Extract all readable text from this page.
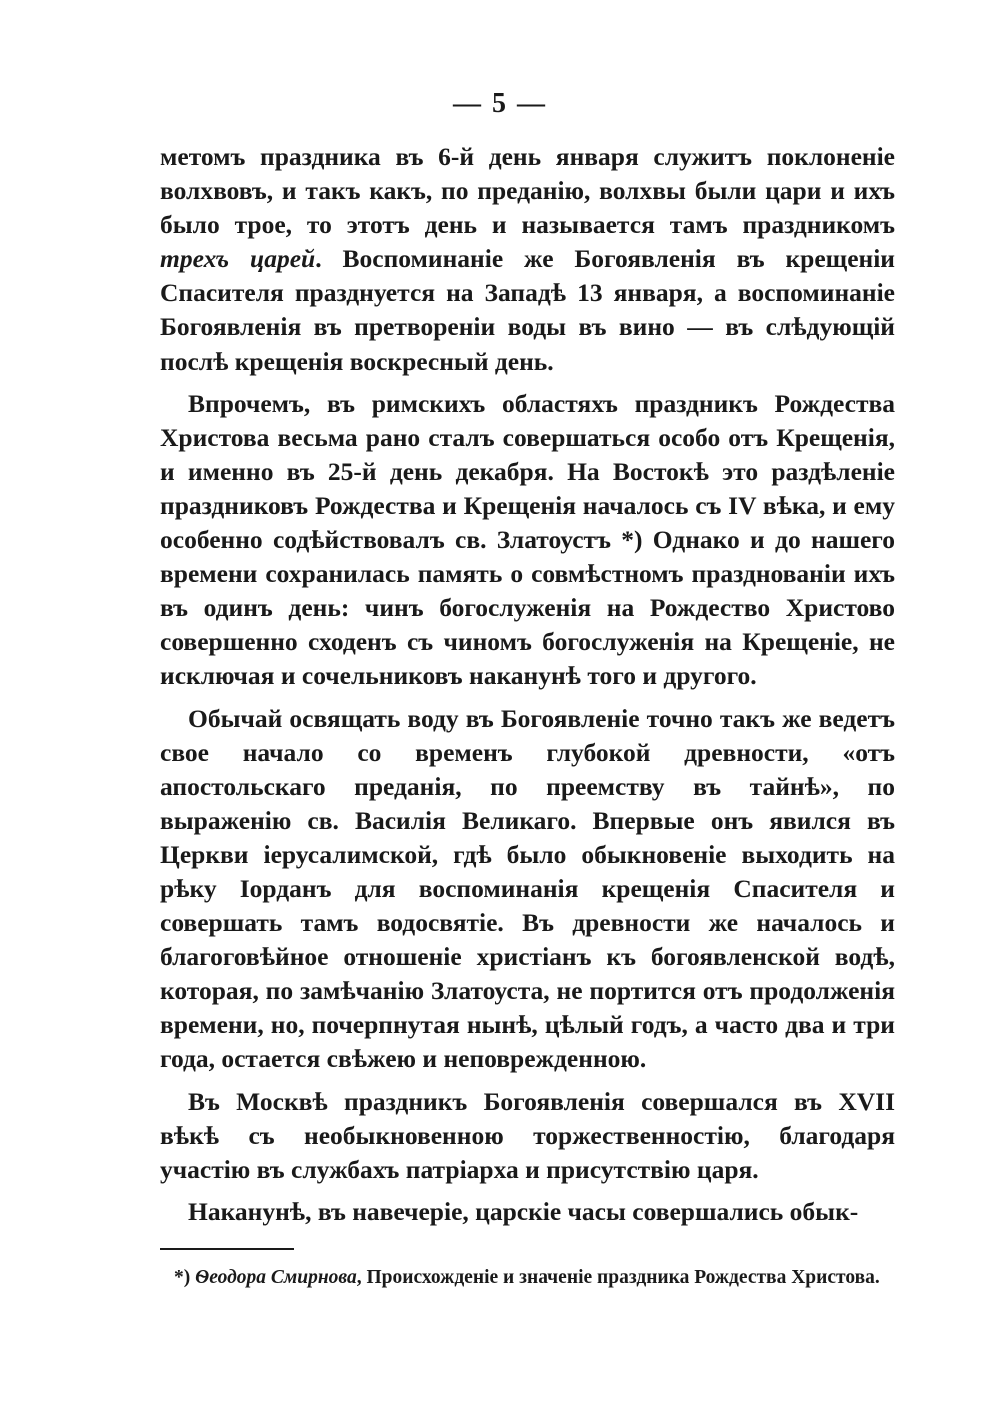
— 5 —

метомъ праздника въ 6-й день января служитъ поклоненіе волхвовъ, и такъ какъ, по преданію, волхвы были цари и ихъ было трое, то этотъ день и называется тамъ праздникомъ трехъ царей. Воспоминаніе же Богоявленія въ крещеніи Спасителя празднуется на Западѣ 13 января, а воспоминаніе Богоявленія въ претвореніи воды въ вино — въ слѣдующій послѣ крещенія воскресный день.

Впрочемъ, въ римскихъ областяхъ праздникъ Рождества Христова весьма рано сталъ совершаться особо отъ Крещенія, и именно въ 25-й день декабря. На Востокѣ это раздѣленіе праздниковъ Рождества и Крещенія началось съ IV вѣка, и ему особенно содѣйствовалъ св. Златоустъ *) Однако и до нашего времени сохранилась память о совмѣстномъ празднованіи ихъ въ одинъ день: чинъ богослуженія на Рождество Христово совершенно сходенъ съ чиномъ богослуженія на Крещеніе, не исключая и сочельниковъ наканунѣ того и другого.

Обычай освящать воду въ Богоявленіе точно такъ же ведетъ свое начало со временъ глубокой древности, «отъ апостольскаго преданія, по преемству въ тайнѣ», по выраженію св. Василія Великаго. Впервые онъ явился въ Церкви іерусалимской, гдѣ было обыкновеніе выходить на рѣку Іорданъ для воспоминанія крещенія Спасителя и совершать тамъ водосвятіе. Въ древности же началось и благоговѣйное отношеніе христіанъ къ богоявленской водѣ, которая, по замѣчанію Златоуста, не портится отъ продолженія времени, но, почерпнутая нынѣ, цѣлый годъ, а часто два и три года, остается свѣжею и неповрежденною.

Въ Москвѣ праздникъ Богоявленія совершался въ XVII вѣкѣ съ необыкновенною торжественностію, благодаря участію въ службахъ патріарха и присутствію царя.

Наканунѣ, въ навечеріе, царскіе часы совершались обык-

*) Ѳеодора Смирнова, Происхожденіе и значеніе праздника Рождества Христова.
